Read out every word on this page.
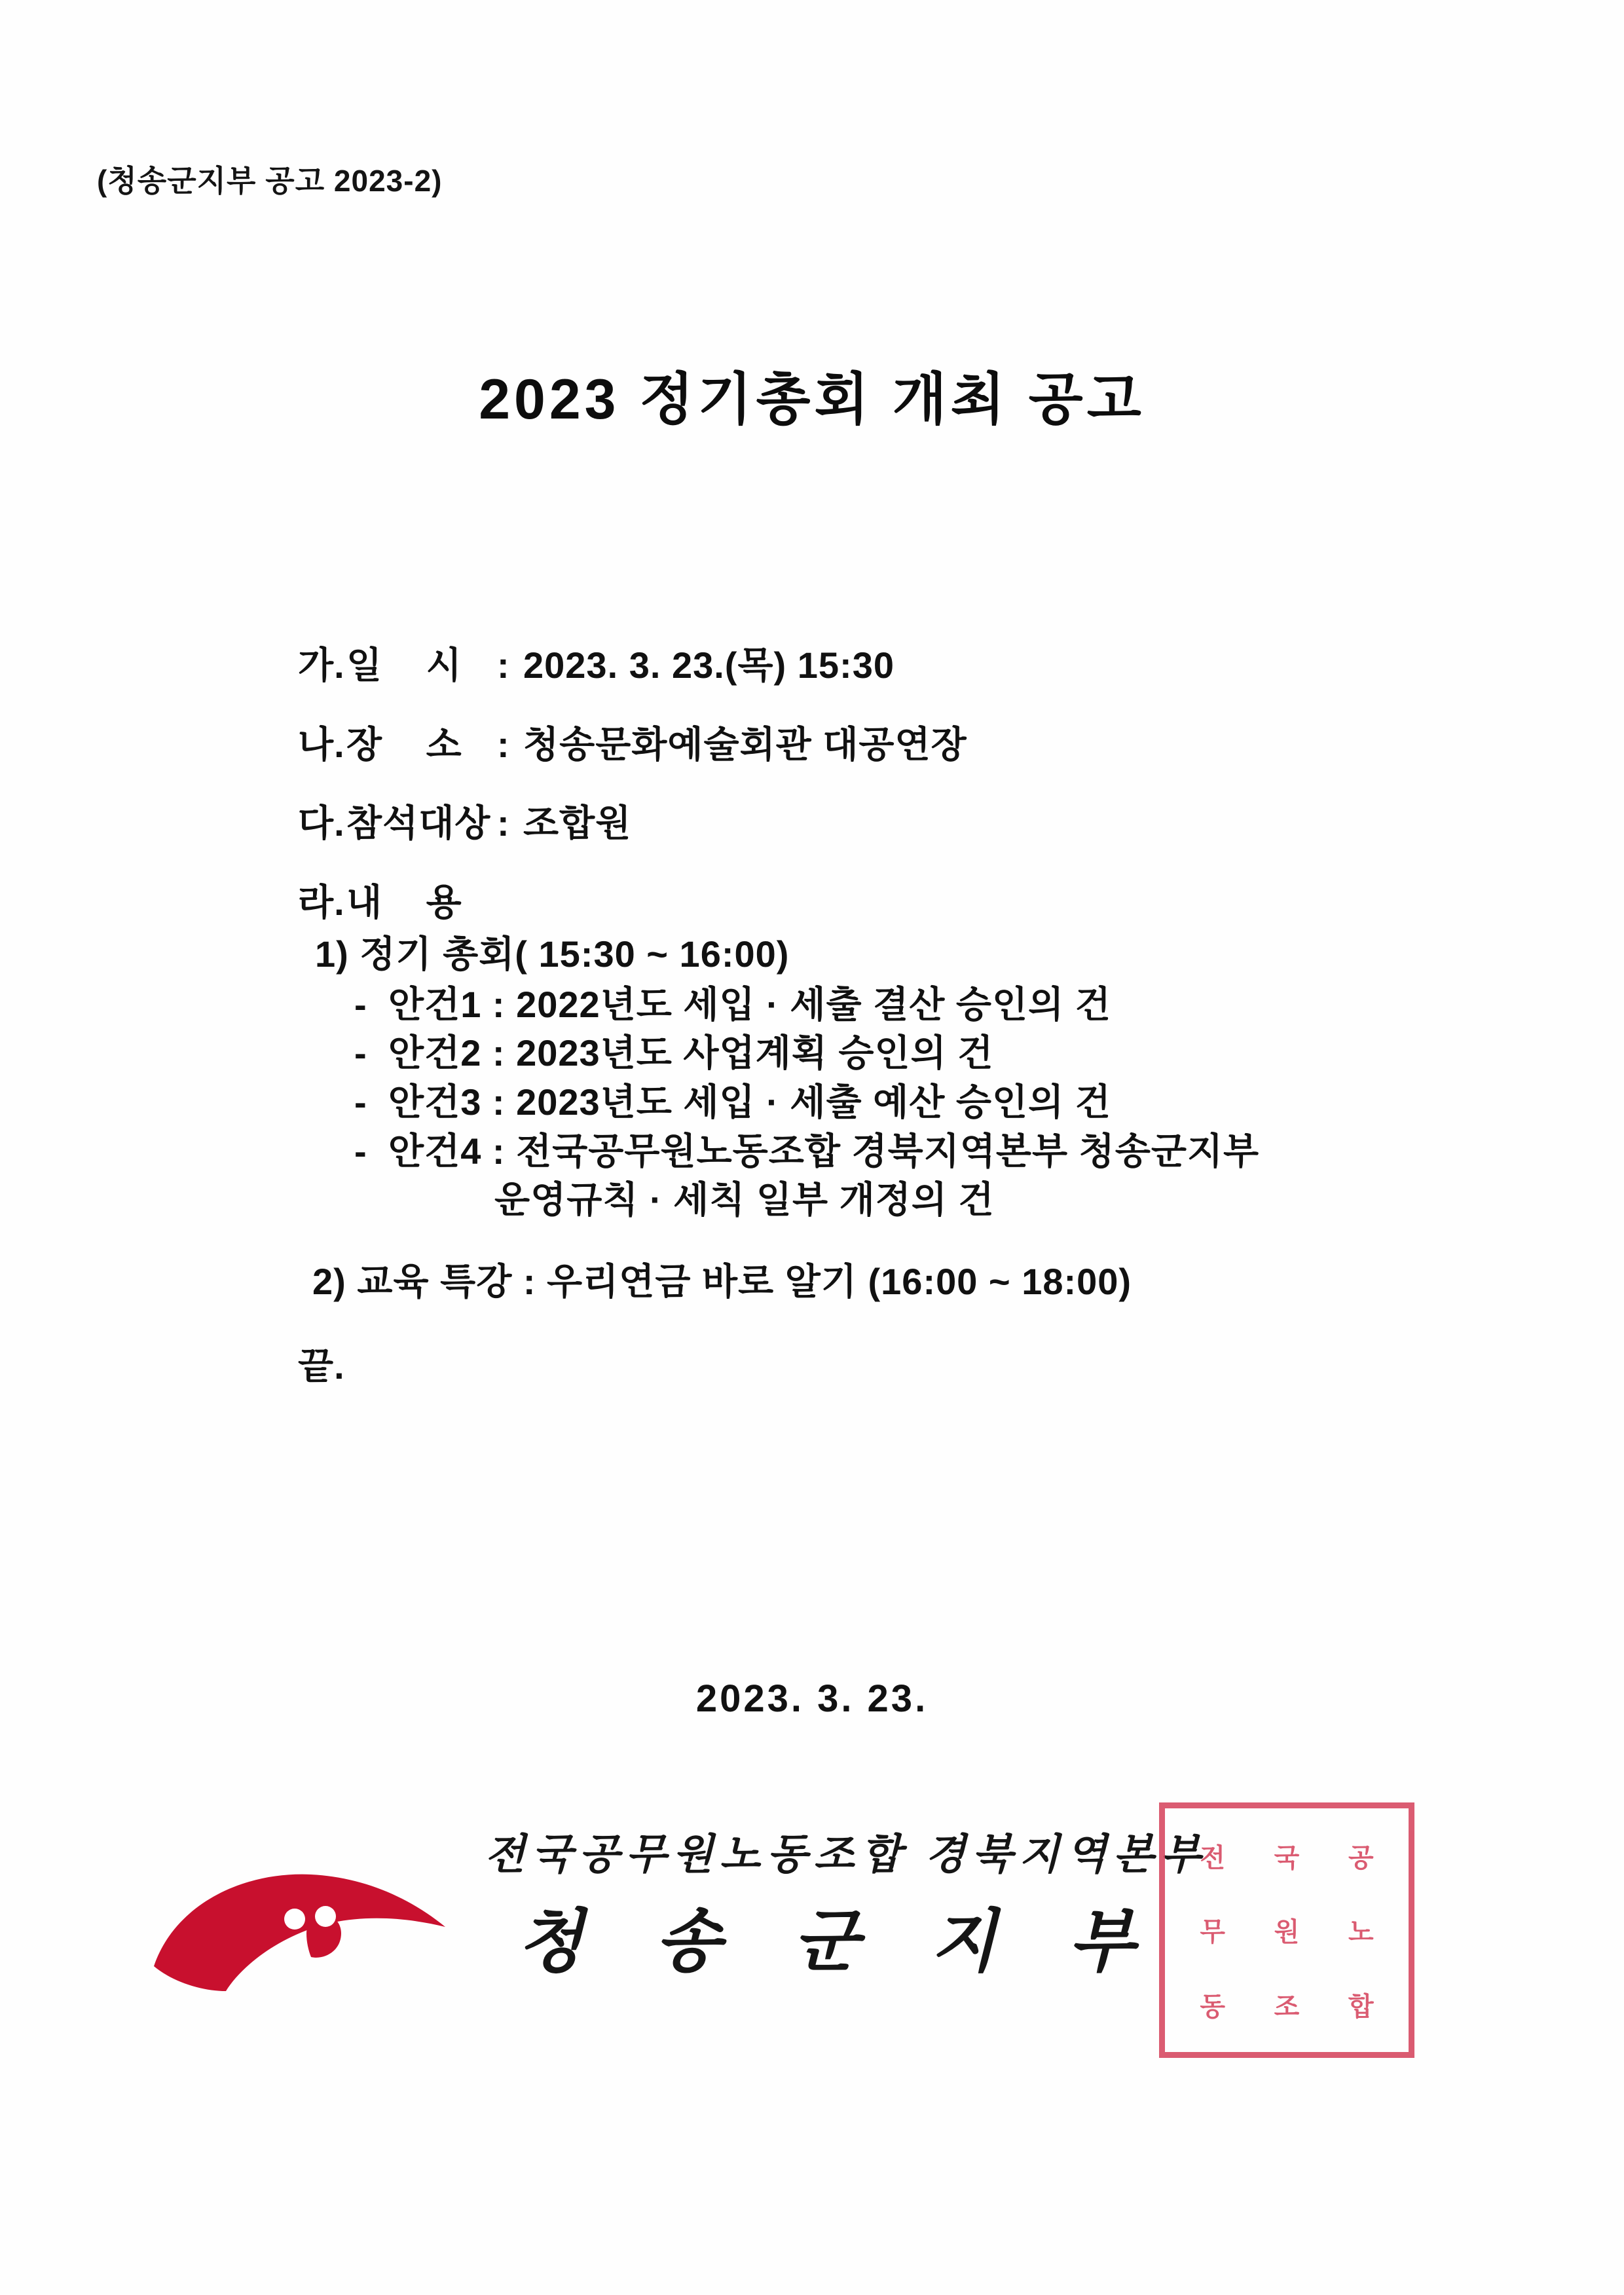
(청송군지부 공고 2023-2)
2023 정기총회 개최 공고
가. 일 시 : 2023. 3. 23.(목) 15:30
나. 장 소 : 청송문화예술회관 대공연장
다. 참석대상 : 조합원
라. 내 용
1) 정기 총회( 15:30 ~ 16:00)
- 안건1 : 2022년도 세입 · 세출 결산 승인의 건
- 안건2 : 2023년도 사업계획 승인의 건
- 안건3 : 2023년도 세입 · 세출 예산 승인의 건
- 안건4 : 전국공무원노동조합 경북지역본부 청송군지부
운영규칙 · 세칙 일부 개정의 건
2) 교육 특강 : 우리연금 바로 알기 (16:00 ~ 18:00)
끝.
2023. 3. 23.
전국공무원노동조합 경북지역본부
청 송 군 지 부
전	국	공
무	원	노
동	조	합
